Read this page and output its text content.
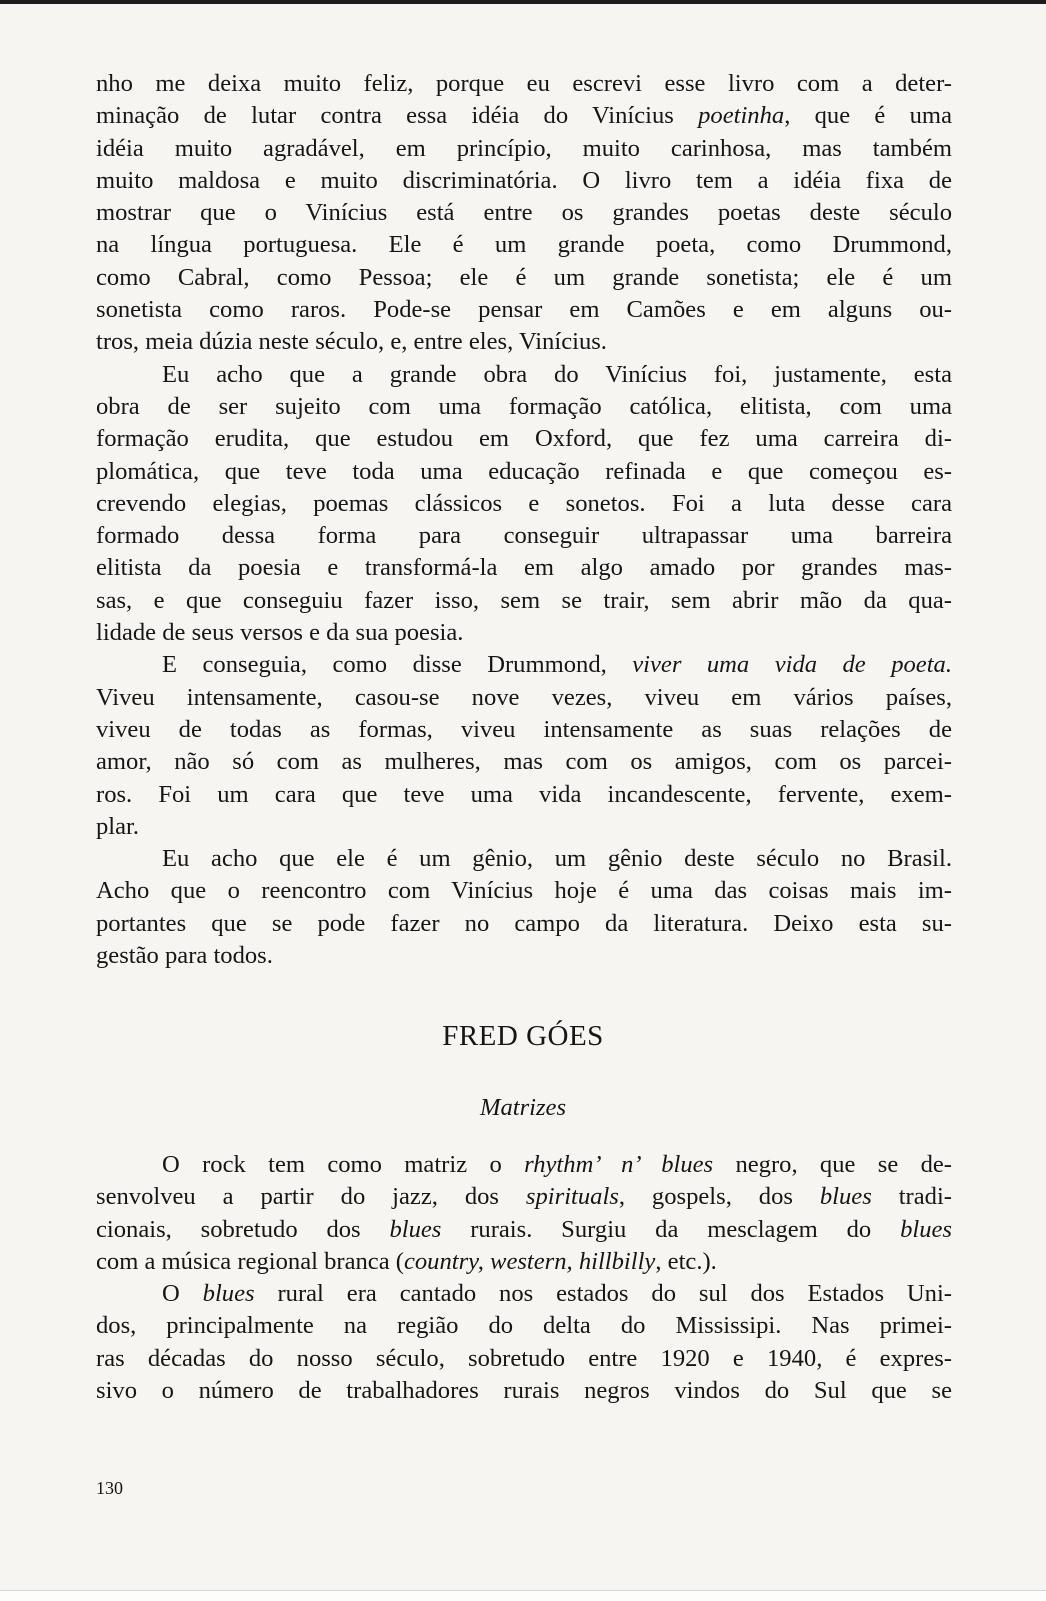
nho me deixa muito feliz, porque eu escrevi esse livro com a deter-
minação de lutar contra essa idéia do Vinícius poetinha, que é uma
idéia muito agradável, em princípio, muito carinhosa, mas também
muito maldosa e muito discriminatória. O livro tem a idéia fixa de
mostrar que o Vinícius está entre os grandes poetas deste século
na língua portuguesa. Ele é um grande poeta, como Drummond,
como Cabral, como Pessoa; ele é um grande sonetista; ele é um
sonetista como raros. Pode-se pensar em Camões e em alguns ou-
tros, meia dúzia neste século, e, entre eles, Vinícius.

Eu acho que a grande obra do Vinícius foi, justamente, esta
obra de ser sujeito com uma formação católica, elitista, com uma
formação erudita, que estudou em Oxford, que fez uma carreira di-
plomática, que teve toda uma educação refinada e que começou es-
crevendo elegias, poemas clássicos e sonetos. Foi a luta desse cara
formado dessa forma para conseguir ultrapassar uma barreira
elitista da poesia e transformá-la em algo amado por grandes mas-
sas, e que conseguiu fazer isso, sem se trair, sem abrir mão da qua-
lidade de seus versos e da sua poesia.

E conseguia, como disse Drummond, viver uma vida de poeta.
Viveu intensamente, casou-se nove vezes, viveu em vários países,
viveu de todas as formas, viveu intensamente as suas relações de
amor, não só com as mulheres, mas com os amigos, com os parcei-
ros. Foi um cara que teve uma vida incandescente, fervente, exem-
plar.

Eu acho que ele é um gênio, um gênio deste século no Brasil.
Acho que o reencontro com Vinícius hoje é uma das coisas mais im-
portantes que se pode fazer no campo da literatura. Deixo esta su-
gestão para todos.

FRED GÓES
Matrizes

O rock tem como matriz o rhythm’ n’ blues negro, que se de-
senvolveu a partir do jazz, dos spirituals, gospels, dos blues tradi-
cionais, sobretudo dos blues rurais. Surgiu da mesclagem do blues
com a música regional branca (country, western, hillbilly, etc.).

O blues rural era cantado nos estados do sul dos Estados Uni-
dos, principalmente na região do delta do Mississipi. Nas primei-
ras décadas do nosso século, sobretudo entre 1920 e 1940, é expres-
sivo o número de trabalhadores rurais negros vindos do Sul que se

130
